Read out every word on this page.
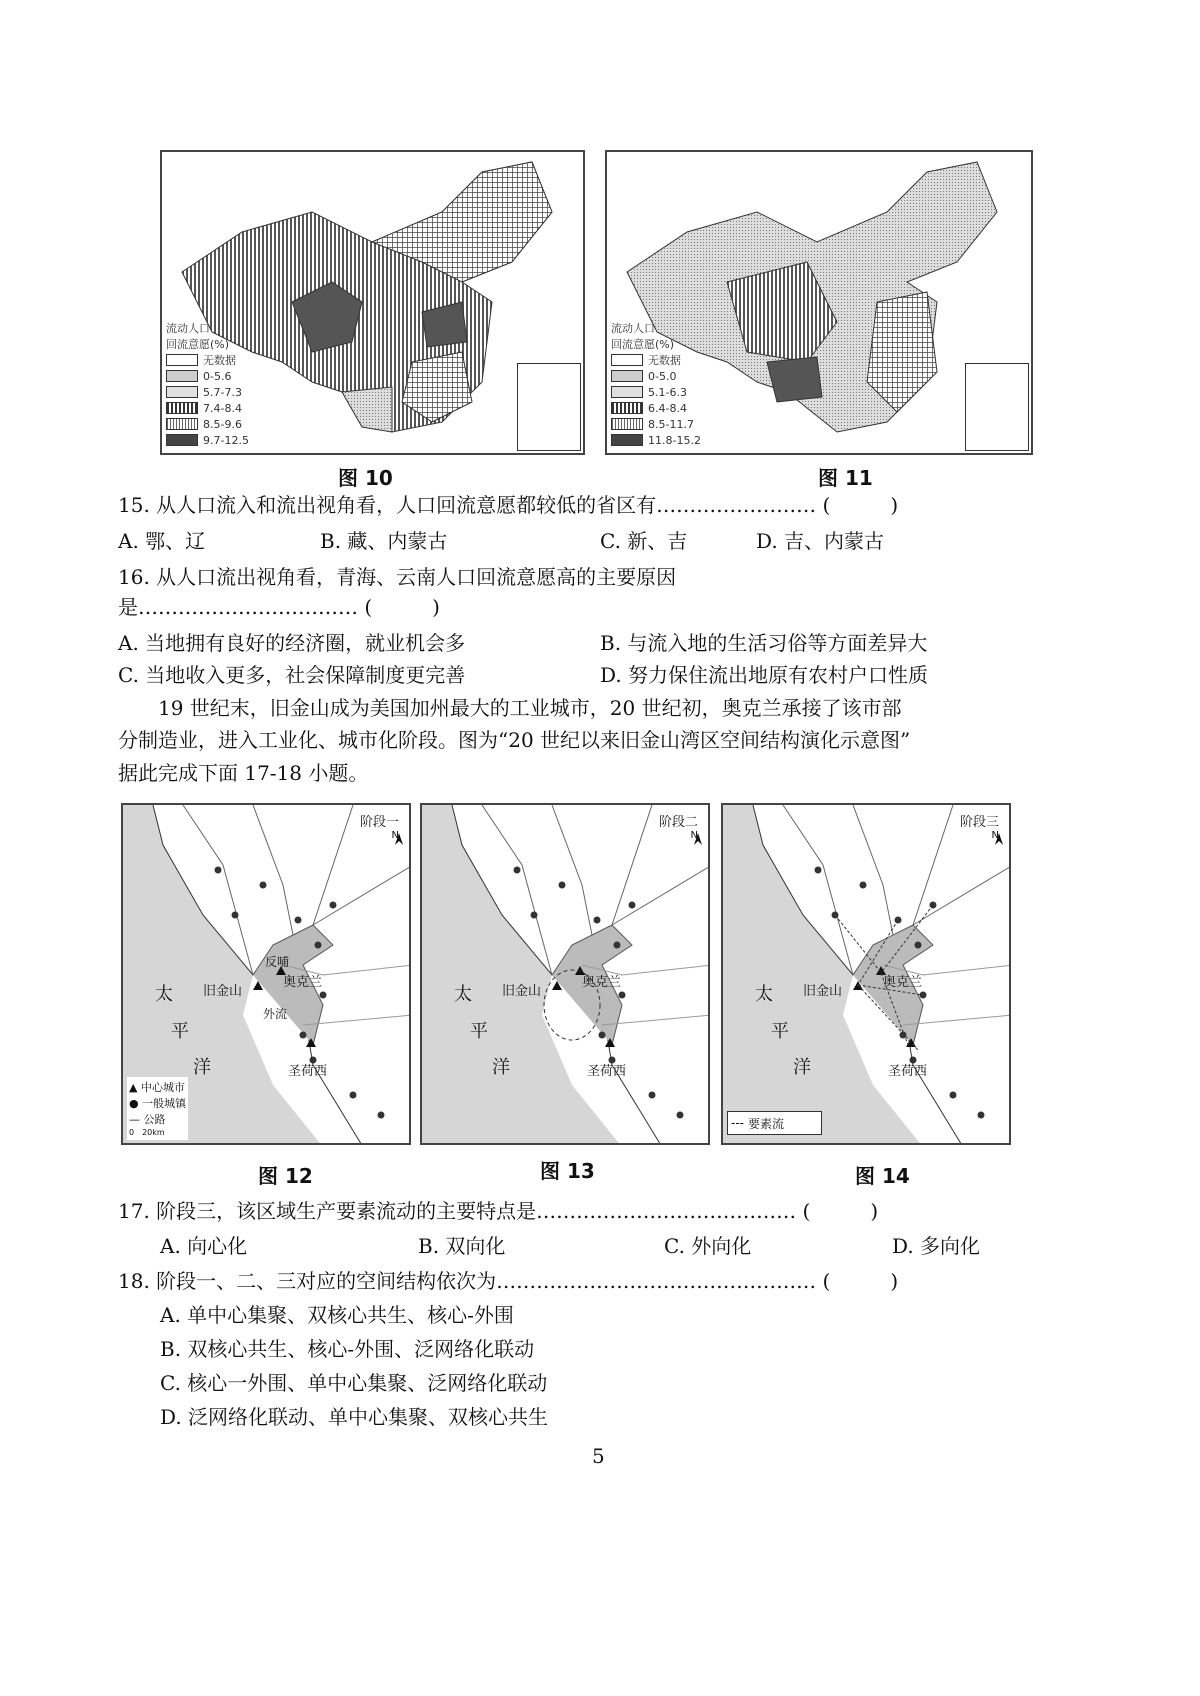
流动人口
回流意愿(%)
无数据
0-5.6
5.7-7.3
7.4-8.4
8.5-9.6
9.7-12.5
流动人口
回流意愿(%)
无数据
0-5.0
5.1-6.3
6.4-8.4
8.5-11.7
11.8-15.2
图 10	图 11
15. 从人口流入和流出视角看，人口回流意愿都较低的省区有…………………… (　　　)
A. 鄂、辽	B. 藏、内蒙古	C. 新、吉	D. 吉、内蒙古
16. 从人口流出视角看，青海、云南人口回流意愿高的主要原因
是…………………………… (　　　)
A. 当地拥有良好的经济圈，就业机会多	B. 与流入地的生活习俗等方面差异大
C. 当地收入更多，社会保障制度更完善	D. 努力保住流出地原有农村户口性质
　　19 世纪末，旧金山成为美国加州最大的工业城市，20 世纪初，奥克兰承接了该市部
分制造业，进入工业化、城市化阶段。图为“20 世纪以来旧金山湾区空间结构演化示意图”
据此完成下面 17-18 小题。
阶段一
N
旧金山
奥克兰
圣荷西
太
平
洋
反哺
外流
▲ 中心城市
● 一般城镇
— 公路
0　20km
阶段二
N
旧金山
奥克兰
圣荷西
太
平
洋
阶段三
N
旧金山
奥克兰
圣荷西
太
平
洋
--- 要素流
图 12	图 13	图 14
17. 阶段三，该区域生产要素流动的主要特点是………………………………… (　　　)
A. 向心化	B. 双向化	C. 外向化	D. 多向化
18. 阶段一、二、三对应的空间结构依次为………………………………………… (　　　)
A. 单中心集聚、双核心共生、核心-外围
B. 双核心共生、核心-外围、泛网络化联动
C. 核心一外围、单中心集聚、泛网络化联动
D. 泛网络化联动、单中心集聚、双核心共生
5
